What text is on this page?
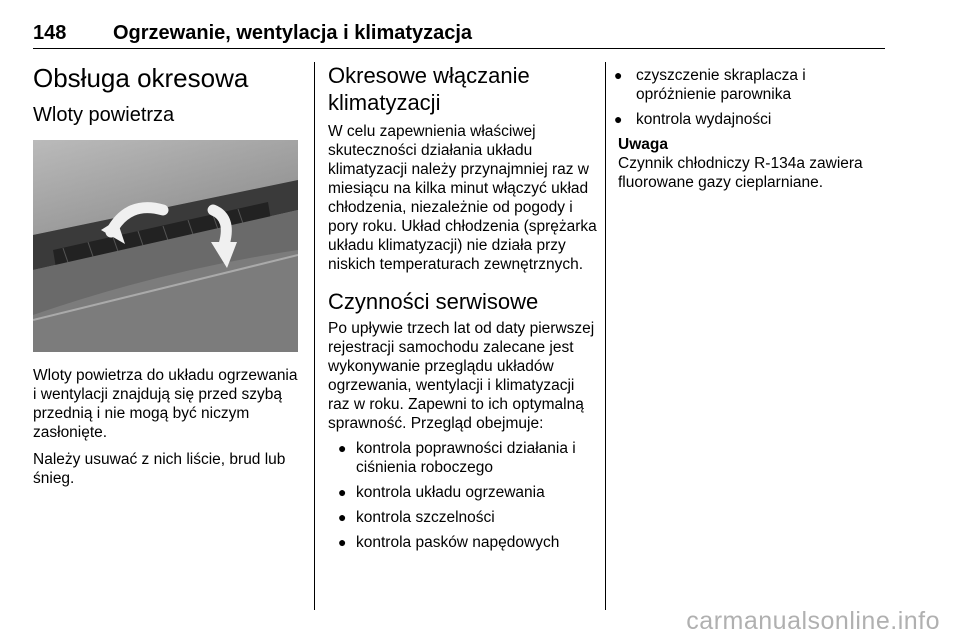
148 Ogrzewanie, wentylacja i klimatyzacja
Obsługa okresowa
Wloty powietrza

Wloty powietrza do układu ogrzewania i wentylacji znajdują się przed szybą przednią i nie mogą być niczym zasłonięte.

Należy usuwać z nich liście, brud lub śnieg.

Okresowe włączanie klimatyzacji

W celu zapewnienia właściwej skuteczności działania układu klimatyzacji należy przynajmniej raz w miesiącu na kilka minut włączyć układ chłodzenia, niezależnie od pogody i pory roku. Układ chłodzenia (sprężarka układu klimatyzacji) nie działa przy niskich temperaturach zewnętrznych.

Czynności serwisowe

Po upływie trzech lat od daty pierwszej rejestracji samochodu zalecane jest wykonywanie przeglądu układów ogrzewania, wentylacji i klimatyzacji raz w roku. Zapewni to ich optymalną sprawność. Przegląd obejmuje:

● kontrola poprawności działania i ciśnienia roboczego
● kontrola układu ogrzewania
● kontrola szczelności
● kontrola pasków napędowych
● czyszczenie skraplacza i opróżnienie parownika
● kontrola wydajności

Uwaga

Czynnik chłodniczy R-134a zawiera fluorowane gazy cieplarniane.

carmanualsonline.info
